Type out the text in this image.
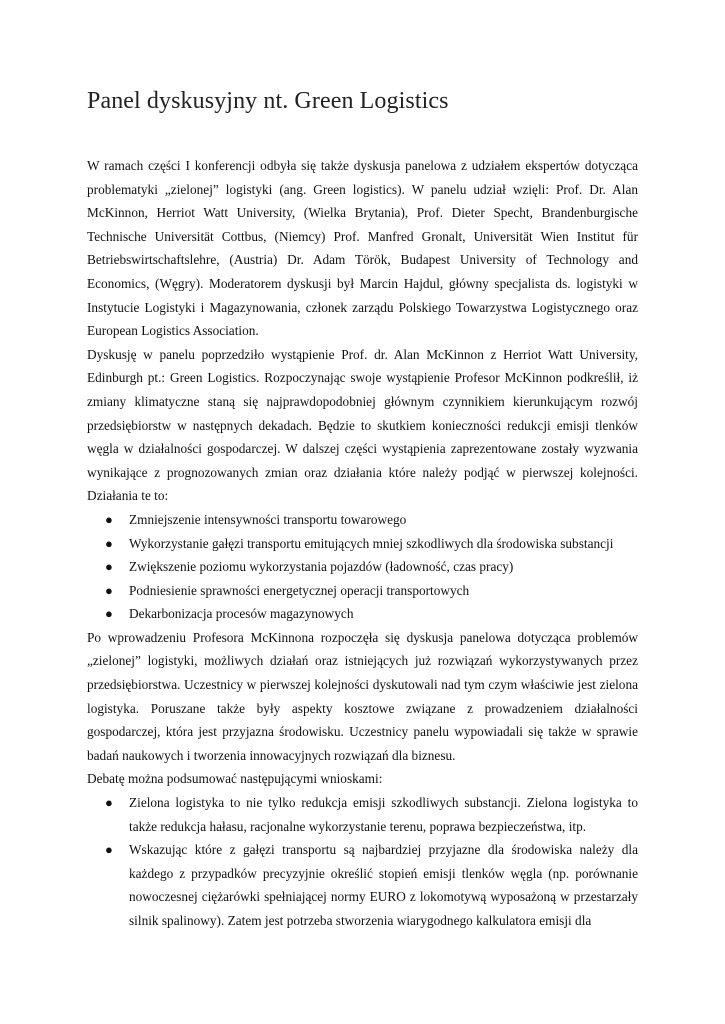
Panel dyskusyjny nt. Green Logistics

W ramach części I konferencji odbyła się także dyskusja panelowa z udziałem ekspertów dotycząca problematyki „zielonej” logistyki (ang. Green logistics). W panelu udział wzięli: Prof. Dr. Alan McKinnon, Herriot Watt University, (Wielka Brytania), Prof. Dieter Specht, Brandenburgische Technische Universität Cottbus, (Niemcy) Prof. Manfred Gronalt, Universität Wien Institut für Betriebswirtschaftslehre, (Austria) Dr. Adam Török, Budapest University of Technology and Economics, (Węgry). Moderatorem dyskusji był Marcin Hajdul, główny specjalista ds. logistyki w Instytucie Logistyki i Magazynowania, członek zarządu Polskiego Towarzystwa Logistycznego oraz European Logistics Association.

Dyskusję w panelu poprzedziło wystąpienie Prof. dr. Alan McKinnon z Herriot Watt University, Edinburgh pt.: Green Logistics. Rozpoczynając swoje wystąpienie Profesor McKinnon podkreślił, iż zmiany klimatyczne staną się najprawdopodobniej głównym czynnikiem kierunkującym rozwój przedsiębiorstw w następnych dekadach. Będzie to skutkiem konieczności redukcji emisji tlenków węgla w działalności gospodarczej. W dalszej części wystąpienia zaprezentowane zostały wyzwania wynikające z prognozowanych zmian oraz działania które należy podjąć w pierwszej kolejności. Działania te to:

● Zmniejszenie intensywności transportu towarowego
● Wykorzystanie gałęzi transportu emitujących mniej szkodliwych dla środowiska substancji
● Zwiększenie poziomu wykorzystania pojazdów (ładowność, czas pracy)
● Podniesienie sprawności energetycznej operacji transportowych
● Dekarbonizacja procesów magazynowych

Po wprowadzeniu Profesora McKinnona rozpoczęła się dyskusja panelowa dotycząca problemów „zielonej” logistyki, możliwych działań oraz istniejących już rozwiązań wykorzystywanych przez przedsiębiorstwa. Uczestnicy w pierwszej kolejności dyskutowali nad tym czym właściwie jest zielona logistyka. Poruszane także były aspekty kosztowe związane z prowadzeniem działalności gospodarczej, która jest przyjazna środowisku. Uczestnicy panelu wypowiadali się także w sprawie badań naukowych i tworzenia innowacyjnych rozwiązań dla biznesu.

Debatę można podsumować następującymi wnioskami:

● Zielona logistyka to nie tylko redukcja emisji szkodliwych substancji. Zielona logistyka to także redukcja hałasu, racjonalne wykorzystanie terenu, poprawa bezpieczeństwa, itp.
● Wskazując które z gałęzi transportu są najbardziej przyjazne dla środowiska należy dla każdego z przypadków precyzyjnie określić stopień emisji tlenków węgla (np. porównanie nowoczesnej ciężarówki spełniającej normy EURO z lokomotywą wyposażoną w przestarzały silnik spalinowy). Zatem jest potrzeba stworzenia wiarygodnego kalkulatora emisji dla
